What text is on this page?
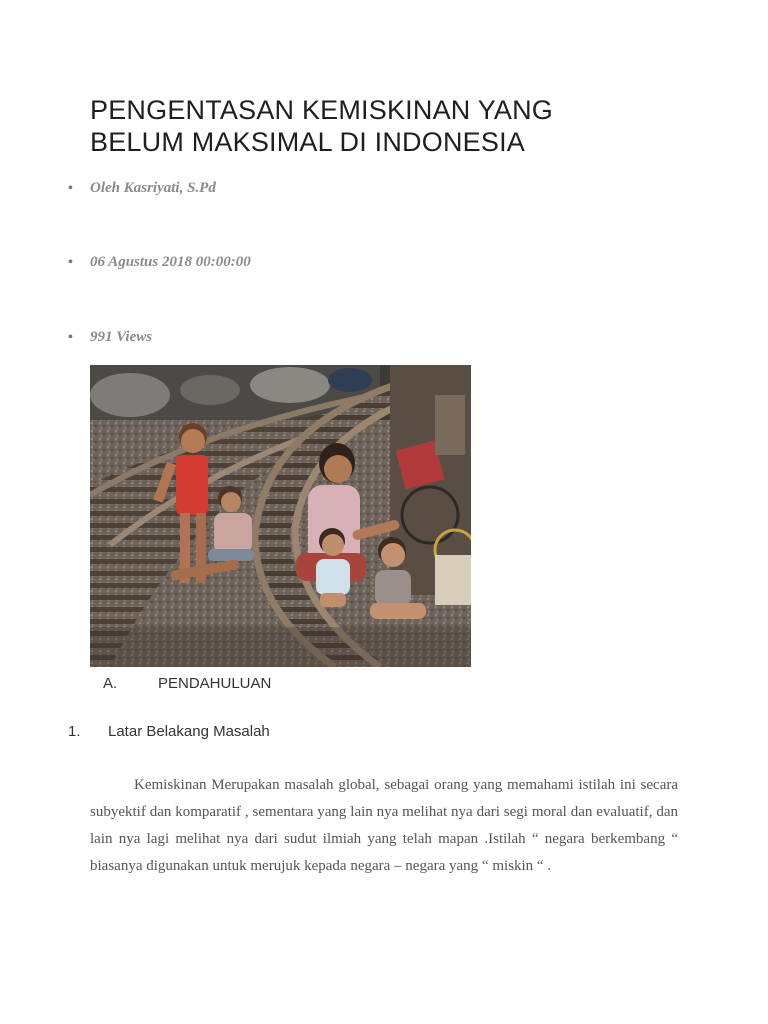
PENGENTASAN KEMISKINAN YANG
BELUM MAKSIMAL DI INDONESIA
• Oleh Kasriyati, S.Pd
• 06 Agustus 2018 00:00:00
• 991 Views
A.	PENDAHULUAN
1. Latar Belakang Masalah

Kemiskinan Merupakan masalah global, sebagai orang yang memahami istilah ini secara subyektif dan komparatif , sementara yang lain nya melihat nya dari segi moral dan evaluatif, dan lain nya lagi melihat nya dari sudut ilmiah yang telah mapan .Istilah “ negara berkembang “ biasanya digunakan untuk merujuk kepada negara – negara yang “ miskin “ .
